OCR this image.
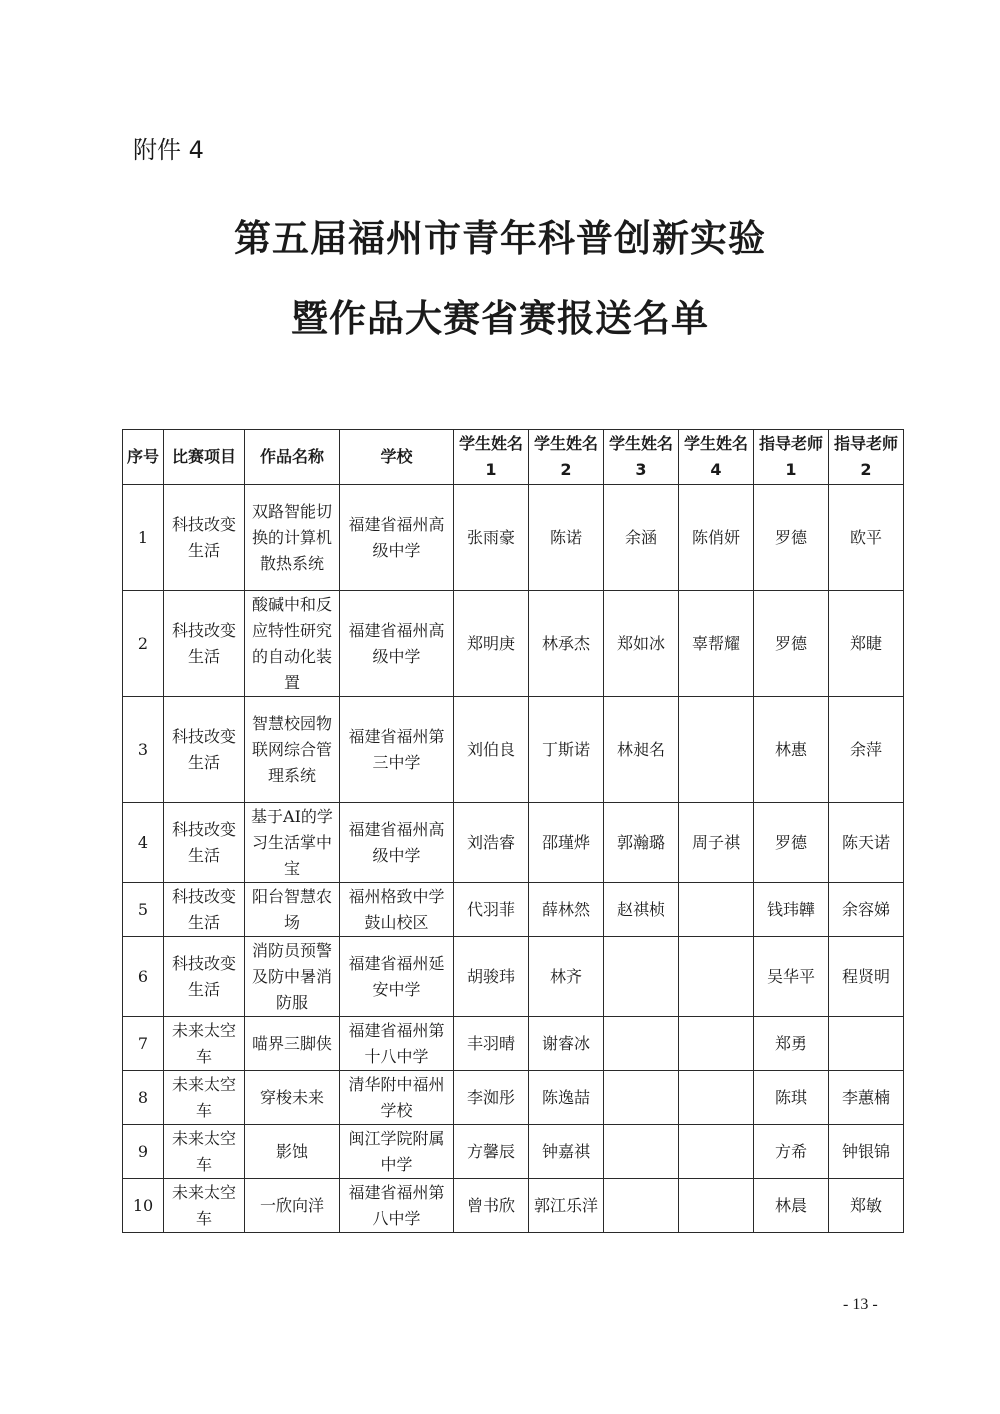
附件 4
第五届福州市青年科普创新实验
暨作品大赛省赛报送名单
序号	比赛项目	作品名称	学校	学生姓名1	学生姓名2	学生姓名3	学生姓名4	指导老师1	指导老师2
1	科技改变生活	双路智能切换的计算机散热系统	福建省福州高级中学	张雨豪	陈诺	余涵	陈俏妍	罗德	欧平
2	科技改变生活	酸碱中和反应特性研究的自动化装置	福建省福州高级中学	郑明庚	林承杰	郑如冰	辜帮耀	罗德	郑睫
3	科技改变生活	智慧校园物联网综合管理系统	福建省福州第三中学	刘伯良	丁斯诺	林昶名		林惠	余萍
4	科技改变生活	基于AI的学习生活掌中宝	福建省福州高级中学	刘浩睿	邵瑾烨	郭瀚璐	周子祺	罗德	陈天诺
5	科技改变生活	阳台智慧农场	福州格致中学鼓山校区	代羽菲	薛林然	赵祺桢		钱玮韡	余容娣
6	科技改变生活	消防员预警及防中暑消防服	福建省福州延安中学	胡骏玮	林齐			吴华平	程贤明
7	未来太空车	喵界三脚侠	福建省福州第十八中学	丰羽晴	谢睿冰			郑勇	
8	未来太空车	穿梭未来	清华附中福州学校	李洳彤	陈逸喆			陈琪	李蕙楠
9	未来太空车	影蚀	闽江学院附属中学	方馨辰	钟嘉祺			方希	钟银锦
10	未来太空车	一欣向洋	福建省福州第八中学	曾书欣	郭江乐洋			林晨	郑敏
- 13 -
